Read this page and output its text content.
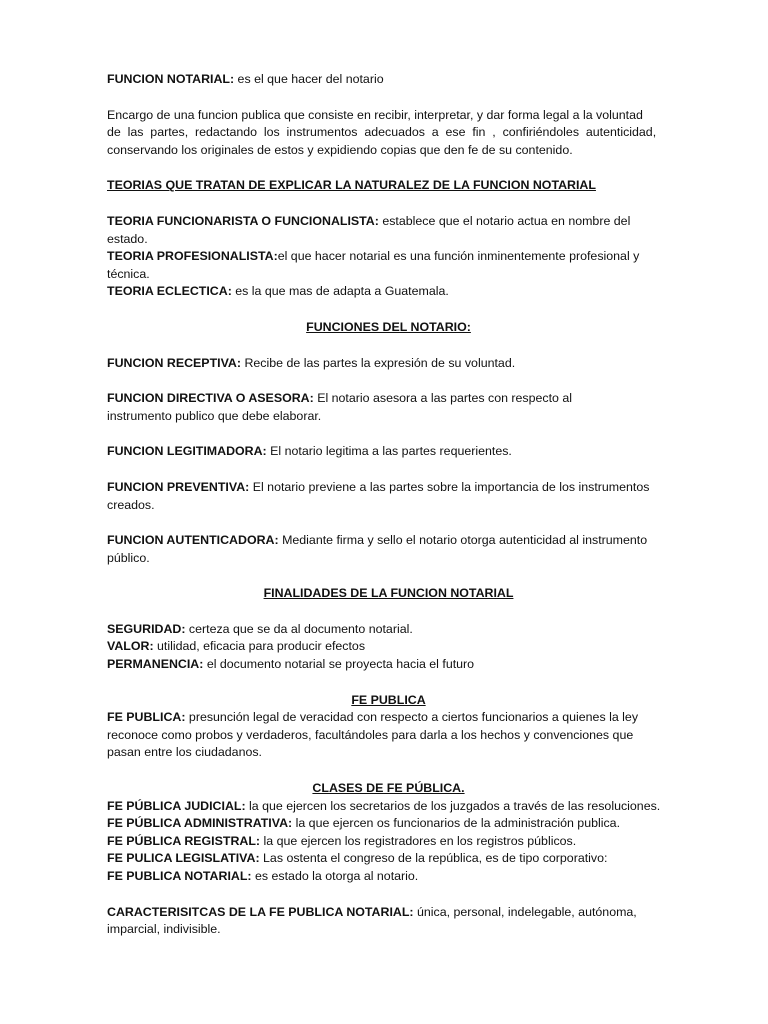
FUNCION NOTARIAL: es el que hacer del notario

Encargo de una funcion publica que consiste en recibir, interpretar, y dar forma legal a la voluntad
de las partes, redactando los instrumentos adecuados a ese fin , confiriéndoles autenticidad,
conservando los originales de estos y expidiendo copias que den fe de su contenido.

TEORIAS QUE TRATAN DE EXPLICAR LA NATURALEZ DE LA FUNCION NOTARIAL

TEORIA FUNCIONARISTA O FUNCIONALISTA: establece que el notario actua en nombre del estado.

TEORIA PROFESIONALISTA:el que hacer notarial es una función inminentemente profesional y técnica.

TEORIA ECLECTICA: es la que mas de adapta a Guatemala.

FUNCIONES DEL NOTARIO:

FUNCION RECEPTIVA: Recibe de las partes la expresión de su voluntad.

FUNCION DIRECTIVA O ASESORA: El notario asesora a las partes con respecto al instrumento publico que debe elaborar.

FUNCION LEGITIMADORA: El notario legitima a las partes requerientes.

FUNCION PREVENTIVA: El notario previene a las partes sobre la importancia de los instrumentos creados.

FUNCION AUTENTICADORA: Mediante firma y sello el notario otorga autenticidad al instrumento público.

FINALIDADES DE LA FUNCION NOTARIAL

SEGURIDAD: certeza que se da al documento notarial.

VALOR: utilidad, eficacia para producir efectos

PERMANENCIA: el documento notarial se proyecta hacia el futuro

FE PUBLICA

FE PUBLICA: presunción legal de veracidad con respecto a ciertos funcionarios a quienes la ley reconoce como probos y verdaderos, facultándoles para darla a los hechos y convenciones que pasan entre los ciudadanos.

CLASES DE FE PÚBLICA.

FE PÚBLICA JUDICIAL: la que ejercen los secretarios de los juzgados a través de las resoluciones.

FE PÚBLICA ADMINISTRATIVA: la que ejercen os funcionarios de la administración publica.

FE PÚBLICA REGISTRAL: la que ejercen los registradores en los registros públicos.

FE PULICA LEGISLATIVA: Las ostenta el congreso de la república, es de tipo corporativo:

FE PUBLICA NOTARIAL: es estado la otorga al notario.

CARACTERISITCAS DE LA FE PUBLICA NOTARIAL: única, personal, indelegable, autónoma, imparcial, indivisible.
